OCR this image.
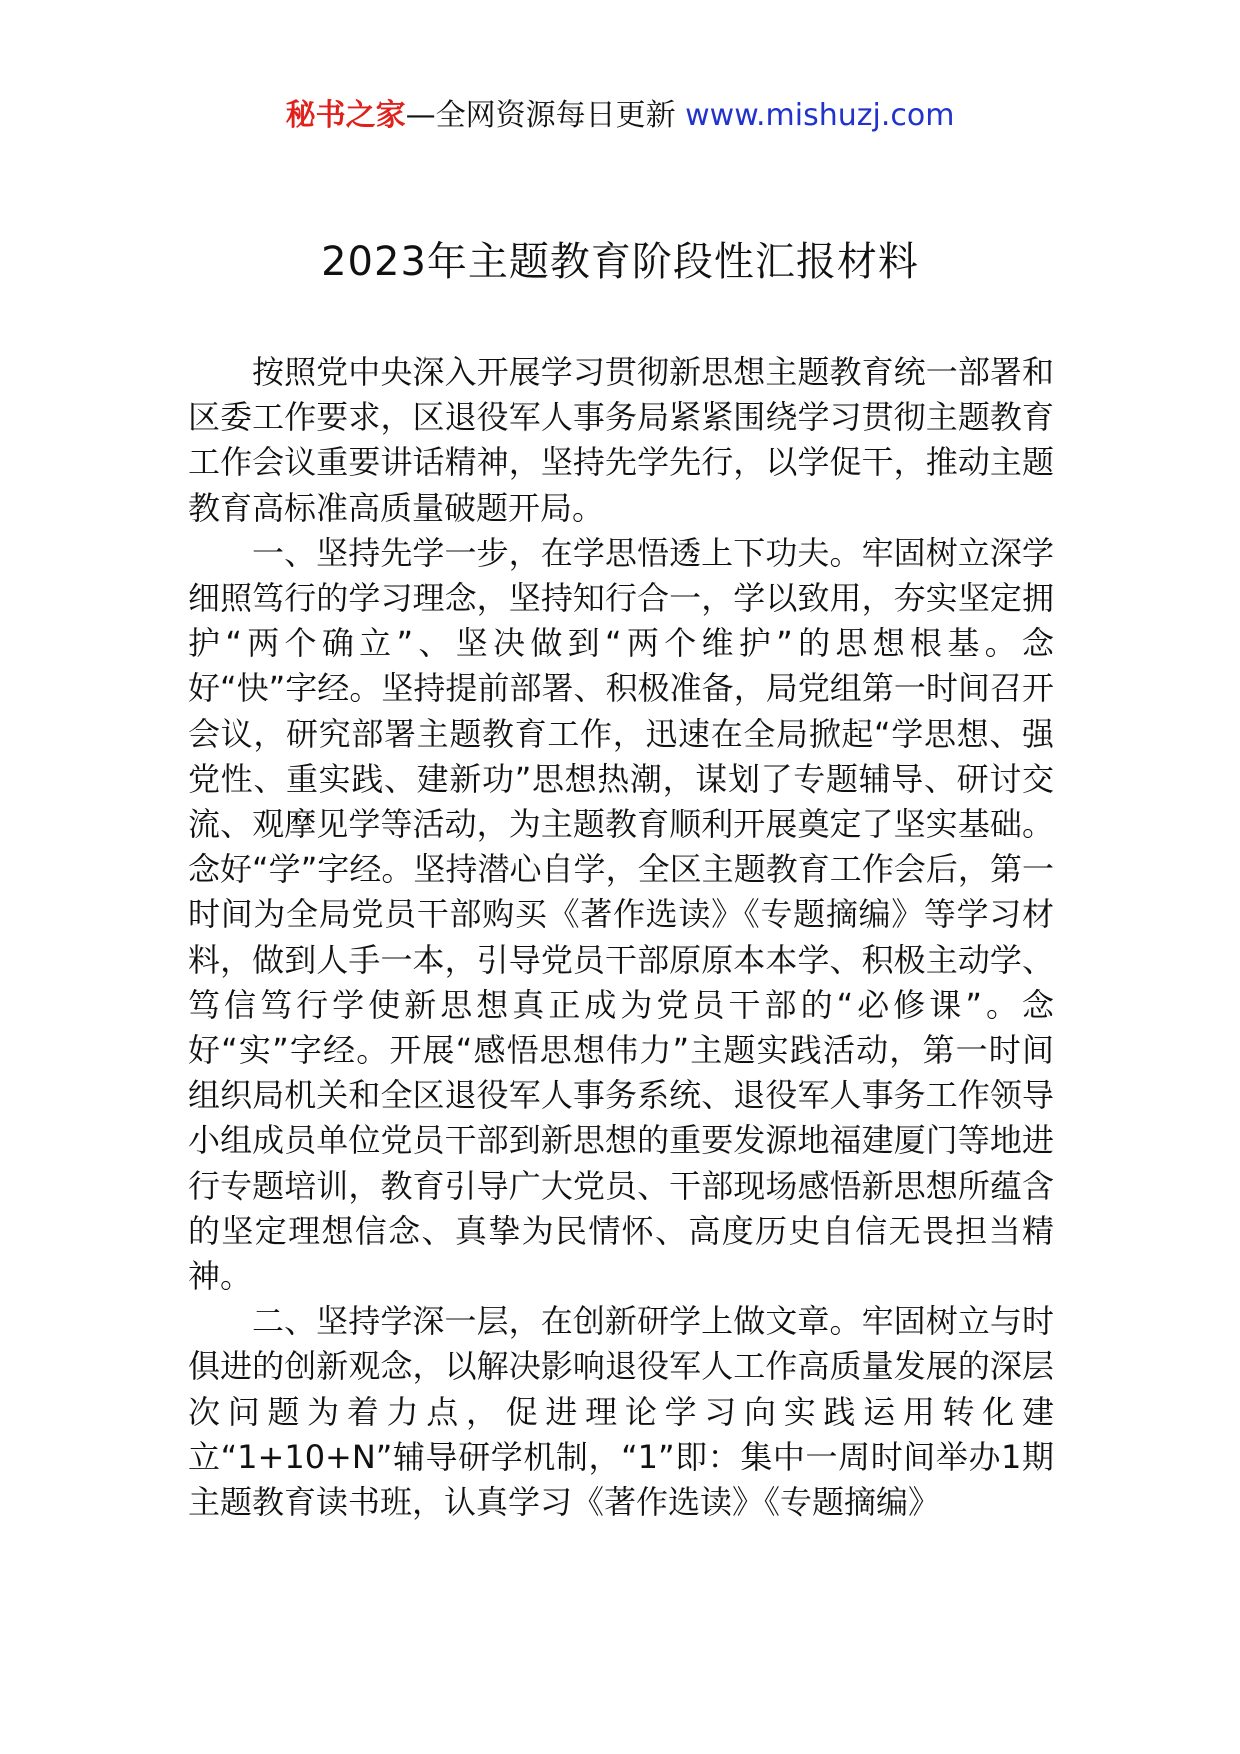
秘书之家—全网资源每日更新 www.mishuzj.com
2023年主题教育阶段性汇报材料

按照党中央深入开展学习贯彻新思想主题教育统一部署和区委工作要求，区退役军人事务局紧紧围绕学习贯彻主题教育工作会议重要讲话精神，坚持先学先行，以学促干，推动主题教育高标准高质量破题开局。

一、坚持先学一步，在学思悟透上下功夫。牢固树立深学细照笃行的学习理念，坚持知行合一，学以致用，夯实坚定拥护“两个确立”、坚决做到“两个维护”的思想根基。念好“快”字经。坚持提前部署、积极准备，局党组第一时间召开会议，研究部署主题教育工作，迅速在全局掀起“学思想、强党性、重实践、建新功”思想热潮，谋划了专题辅导、研讨交流、观摩见学等活动，为主题教育顺利开展奠定了坚实基础。念好“学”字经。坚持潜心自学，全区主题教育工作会后，第一时间为全局党员干部购买《著作选读》《专题摘编》等学习材料，做到人手一本，引导党员干部原原本本学、积极主动学、笃信笃行学使新思想真正成为党员干部的“必修课”。念好“实”字经。开展“感悟思想伟力”主题实践活动，第一时间组织局机关和全区退役军人事务系统、退役军人事务工作领导小组成员单位党员干部到新思想的重要发源地福建厦门等地进行专题培训，教育引导广大党员、干部现场感悟新思想所蕴含的坚定理想信念、真挚为民情怀、高度历史自信无畏担当精神。

二、坚持学深一层，在创新研学上做文章。牢固树立与时俱进的创新观念，以解决影响退役军人工作高质量发展的深层次问题为着力点，促进理论学习向实践运用转化建立“1+10+N”辅导研学机制，“1”即：集中一周时间举办1期主题教育读书班，认真学习《著作选读》《专题摘编》
